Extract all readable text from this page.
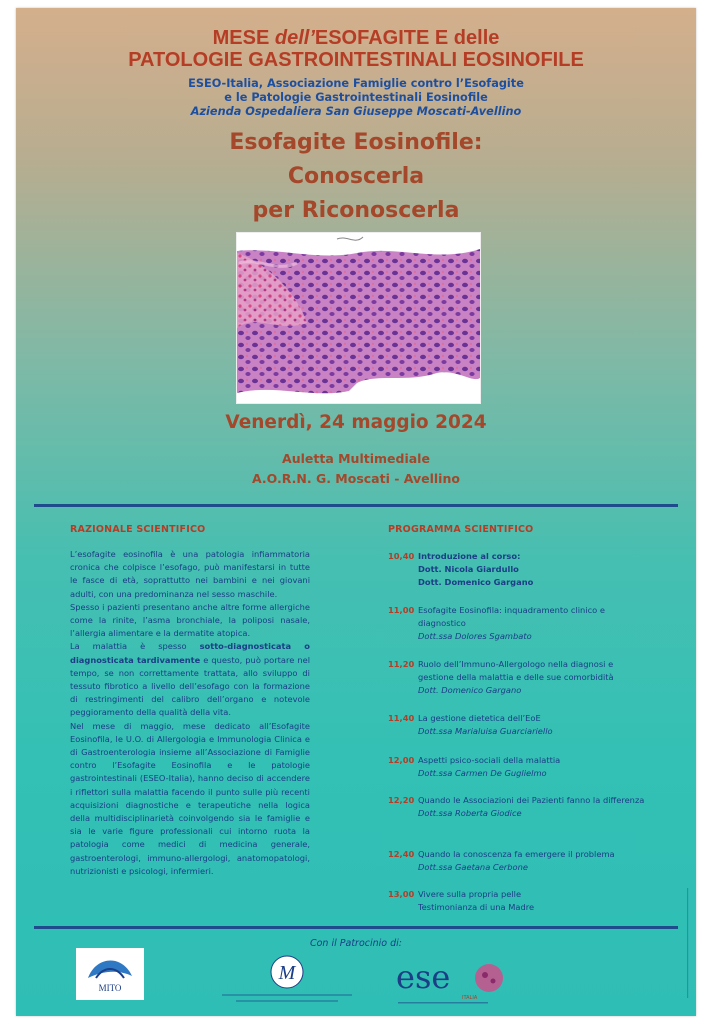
MESE dell’ESOFAGITE E delle
PATOLOGIE GASTROINTESTINALI EOSINOFILE
ESEO-Italia, Associazione Famiglie contro l’Esofagite
e le Patologie Gastrointestinali Eosinofile
Azienda Ospedaliera San Giuseppe Moscati-Avellino
Esofagite Eosinofile:
Conoscerla
per Riconoscerla
Venerdì, 24 maggio 2024
Auletta Multimediale
A.O.R.N. G. Moscati - Avellino
RAZIONALE SCIENTIFICO

L’esofagite eosinofila è una patologia infiammatoria cronica che colpisce l’esofago, può manifestarsi in tutte le fasce di età, soprattutto nei bambini e nei giovani adulti, con una predominanza nel sesso maschile.

Spesso i pazienti presentano anche altre forme allergiche come la rinite, l’asma bronchiale, la poliposi nasale, l’allergia alimentare e la dermatite atopica.

La malattia è spesso sotto-diagnosticata o diagnosticata tardivamente e questo, può portare nel tempo, se non correttamente trattata, allo sviluppo di tessuto fibrotico a livello dell’esofago con la formazione di restringimenti del calibro dell’organo e notevole peggioramento della qualità della vita.

Nel mese di maggio, mese dedicato all’Esofagite Eosinofila, le U.O. di Allergologia e Immunologia Clinica e di Gastroenterologia insieme all’Associazione di Famiglie contro l’Esofagite Eosinofila e le patologie gastrointestinali (ESEO-Italia), hanno deciso di accendere i riflettori sulla malattia facendo il punto sulle più recenti acquisizioni diagnostiche e terapeutiche nella logica della multidisciplinarietà coinvolgendo sia le famiglie e sia le varie figure professionali cui intorno ruota la patologia come medici di medicina generale, gastroenterologi, immuno-allergologi, anatomopatologi, nutrizionisti e psicologi, infermieri.

PROGRAMMA SCIENTIFICO
10,40 Introduzione al corso:
Dott. Nicola Giardullo
Dott. Domenico Gargano
11,00 Esofagite Eosinofila: inquadramento clinico e diagnostico
Dott.ssa Dolores Sgambato
11,20 Ruolo dell’Immuno-Allergologo nella diagnosi e gestione della malattia e delle sue comorbidità
Dott. Domenico Gargano
11,40 La gestione dietetica dell’EoE
Dott.ssa Marialuisa Guarciariello
12,00 Aspetti psico-sociali della malattia
Dott.ssa Carmen De Guglielmo
12,20 Quando le Associazioni dei Pazienti fanno la differenza
Dott.ssa Roberta Giodice
12,40 Quando la conoscenza fa emergere il problema
Dott.ssa Gaetana Cerbone
13,00 Vivere sulla propria pelle
Testimonianza di una Madre
Con il Patrocinio di:
MITO
M	ese
ITALIA
